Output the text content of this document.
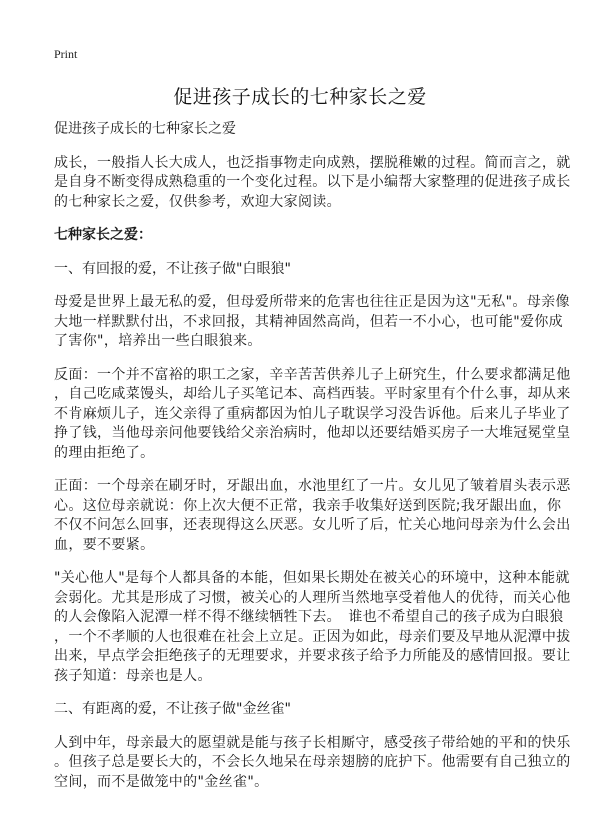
Print
促进孩子成长的七种家长之爱

促进孩子成长的七种家长之爱

成长，一般指人长大成人，也泛指事物走向成熟，摆脱稚嫩的过程。简而言之，就
是自身不断变得成熟稳重的一个变化过程。以下是小编帮大家整理的促进孩子成长
的七种家长之爱，仅供参考，欢迎大家阅读。

七种家长之爱：

一、有回报的爱，不让孩子做"白眼狼"

母爱是世界上最无私的爱，但母爱所带来的危害也往往正是因为这"无私"。母亲像
大地一样默默付出，不求回报，其精神固然高尚，但若一不小心，也可能"爱你成
了害你"，培养出一些白眼狼来。
反面：一个并不富裕的职工之家，辛辛苦苦供养儿子上研究生，什么要求都满足他
，自己吃咸菜馒头，却给儿子买笔记本、高档西装。平时家里有个什么事，却从来
不肯麻烦儿子，连父亲得了重病都因为怕儿子耽误学习没告诉他。后来儿子毕业了
挣了钱，当他母亲问他要钱给父亲治病时，他却以还要结婚买房子一大堆冠冕堂皇
的理由拒绝了。
正面：一个母亲在刷牙时，牙龈出血，水池里红了一片。女儿见了皱着眉头表示恶
心。这位母亲就说：你上次大便不正常，我亲手收集好送到医院;我牙龈出血，你
不仅不问怎么回事，还表现得这么厌恶。女儿听了后，忙关心地问母亲为什么会出
血，要不要紧。
"关心他人"是每个人都具备的本能，但如果长期处在被关心的环境中，这种本能就
会弱化。尤其是形成了习惯，被关心的人理所当然地享受着他人的优待，而关心他
的人会像陷入泥潭一样不得不继续牺牲下去。　谁也不希望自己的孩子成为白眼狼
，一个不孝顺的人也很难在社会上立足。正因为如此，母亲们要及早地从泥潭中拔
出来，早点学会拒绝孩子的无理要求，并要求孩子给予力所能及的感情回报。要让
孩子知道：母亲也是人。

二、有距离的爱，不让孩子做"金丝雀"

人到中年，母亲最大的愿望就是能与孩子长相厮守，感受孩子带给她的平和的快乐
。但孩子总是要长大的，不会长久地呆在母亲翅膀的庇护下。他需要有自己独立的
空间，而不是做笼中的"金丝雀"。
